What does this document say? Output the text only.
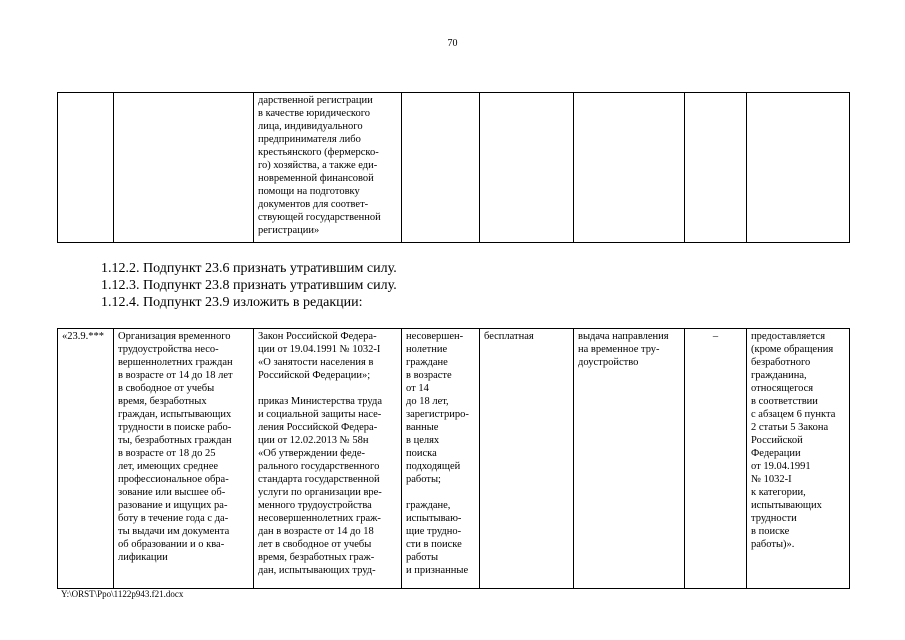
70
		дарственной регистрации
в качестве юридического
лица, индивидуального
предпринимателя либо
крестьянского (фермерско-
го) хозяйства, а также еди-
новременной финансовой
помощи на подготовку
документов для соответ-
ствующей государственной
регистрации»					
1.12.2. Подпункт 23.6 признать утратившим силу.
1.12.3. Подпункт 23.8 признать утратившим силу.
1.12.4. Подпункт 23.9 изложить в редакции:
«23.9.***	Организация временного
трудоустройства несо-
вершеннолетних граждан
в возрасте от 14 до 18 лет
в свободное от учебы
время, безработных
граждан, испытывающих
трудности в поиске рабо-
ты, безработных граждан
в возрасте от 18 до 25
лет, имеющих среднее
профессиональное обра-
зование или высшее об-
разование и ищущих ра-
боту в течение года с да-
ты выдачи им документа
об образовании и о ква-
лификации	Закон Российской Федера-
ции от 19.04.1991 № 1032-I
«О занятости населения в
Российской Федерации»;

приказ Министерства труда
и социальной защиты насе-
ления Российской Федера-
ции от 12.02.2013 № 58н
«Об утверждении феде-
рального государственного
стандарта государственной
услуги по организации вре-
менного трудоустройства
несовершеннолетних граж-
дан в возрасте от 14 до 18
лет в свободное от учебы
время, безработных граж-
дан, испытывающих труд-	несовершен-
нолетние
граждане
в возрасте
от 14
до 18 лет,
зарегистриро-
ванные
в целях
поиска
подходящей
работы;

граждане,
испытываю-
щие трудно-
сти в поиске
работы
и признанные	бесплатная	выдача направления
на временное тру-
доустройство	–	предоставляется
(кроме обращения
безработного
гражданина,
относящегося
в соответствии
с абзацем 6 пункта
2 статьи 5 Закона
Российской
Федерации
от 19.04.1991
№ 1032-I
к категории,
испытывающих
трудности
в поиске
работы)».
Y:\ORST\Ppo\1122p943.f21.docx
